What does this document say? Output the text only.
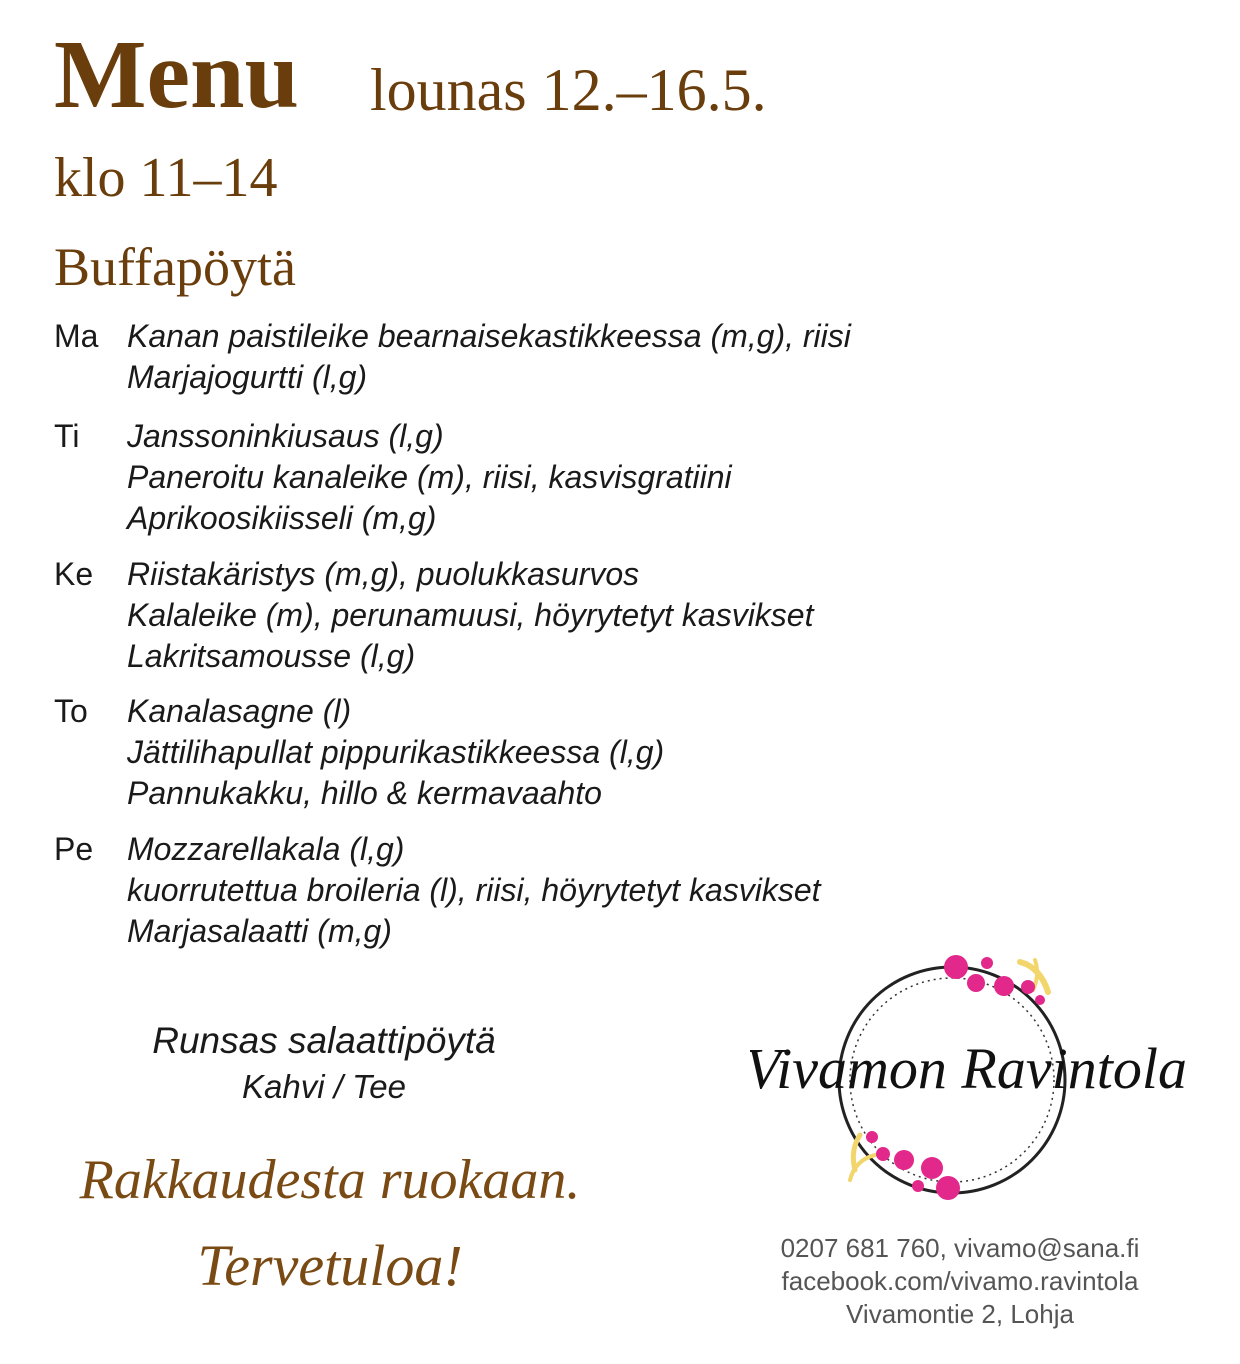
Menu lounas 12.–16.5.
klo 11–14
Buffapöytä
Ma Kanan paistileike bearnaisekastikkeessa (m,g), riisi
Marjajogurtti (l,g)
Ti Janssoninkiusaus (l,g)
Paneroitu kanaleike (m), riisi, kasvisgratiini
Aprikoosikiisseli (m,g)
Ke Riistakäristys (m,g), puolukkasurvos
Kalaleike (m), perunamuusi, höyrytetyt kasvikset
Lakritsamousse (l,g)
To Kanalasagne (l)
Jättilihapullat pippurikastikkeessa (l,g)
Pannukakku, hillo & kermavaahto
Pe Mozzarellakala (l,g)
kuorrutettua broileria (l), riisi, höyrytetyt kasvikset
Marjasalaatti (m,g)
Runsas salaattipöytä
Kahvi / Tee
Rakkaudesta ruokaan.
Tervetuloa!
Vivamon Ravintola
0207 681 760, vivamo@sana.fi
facebook.com/vivamo.ravintola
Vivamontie 2, Lohja
